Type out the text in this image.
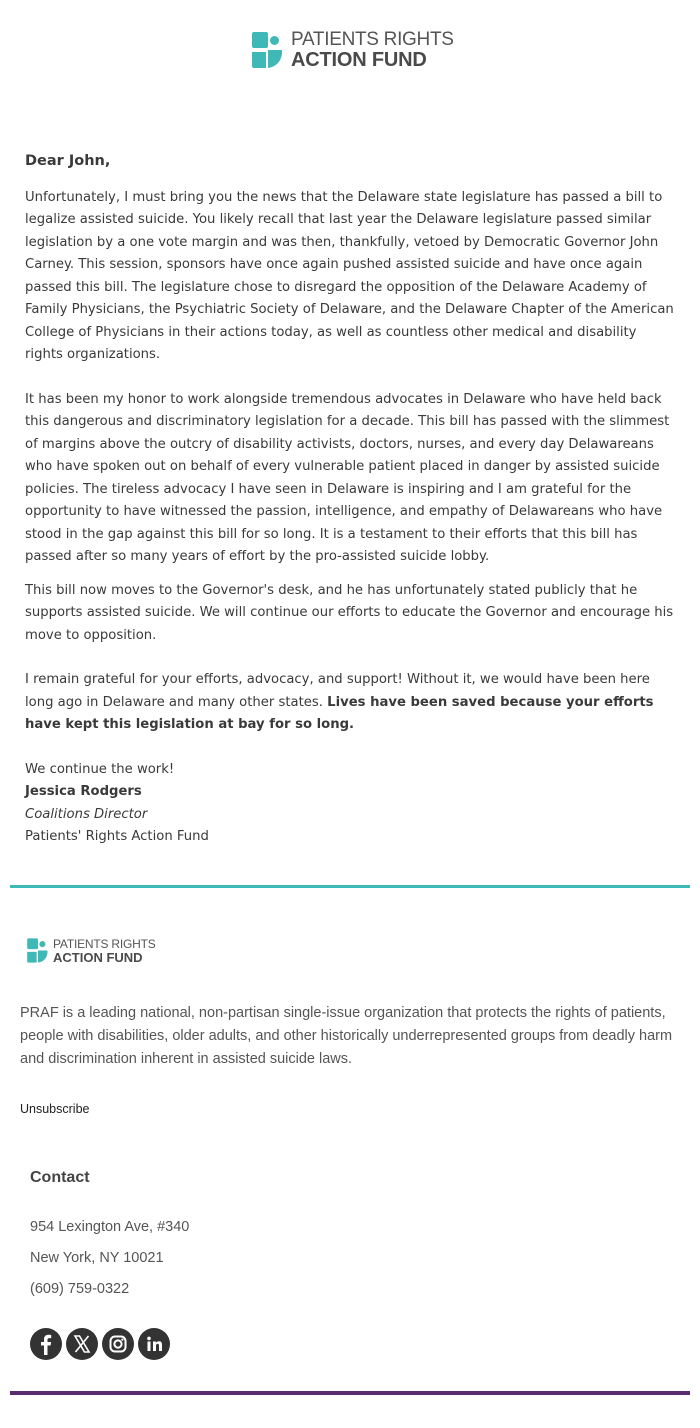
PATIENTS RIGHTS
ACTION FUND

Dear John,

Unfortunately, I must bring you the news that the Delaware state legislature has passed a bill to legalize assisted suicide. You likely recall that last year the Delaware legislature passed similar legislation by a one vote margin and was then, thankfully, vetoed by Democratic Governor John Carney. This session, sponsors have once again pushed assisted suicide and have once again passed this bill. The legislature chose to disregard the opposition of the Delaware Academy of Family Physicians, the Psychiatric Society of Delaware, and the Delaware Chapter of the American College of Physicians in their actions today, as well as countless other medical and disability rights organizations.

It has been my honor to work alongside tremendous advocates in Delaware who have held back this dangerous and discriminatory legislation for a decade. This bill has passed with the slimmest of margins above the outcry of disability activists, doctors, nurses, and every day Delawareans who have spoken out on behalf of every vulnerable patient placed in danger by assisted suicide policies. The tireless advocacy I have seen in Delaware is inspiring and I am grateful for the opportunity to have witnessed the passion, intelligence, and empathy of Delawareans who have stood in the gap against this bill for so long. It is a testament to their efforts that this bill has passed after so many years of effort by the pro-assisted suicide lobby.

This bill now moves to the Governor's desk, and he has unfortunately stated publicly that he supports assisted suicide. We will continue our efforts to educate the Governor and encourage his move to opposition.

I remain grateful for your efforts, advocacy, and support! Without it, we would have been here long ago in Delaware and many other states. Lives have been saved because your efforts have kept this legislation at bay for so long.

We continue the work!

Jessica Rodgers

Coalitions Director

Patients' Rights Action Fund

PATIENTS RIGHTS
ACTION FUND

PRAF is a leading national, non-partisan single-issue organization that protects the rights of patients, people with disabilities, older adults, and other historically underrepresented groups from deadly harm and discrimination inherent in assisted suicide laws.

Unsubscribe

Contact

954 Lexington Ave, #340

New York, NY 10021

(609) 759-0322
